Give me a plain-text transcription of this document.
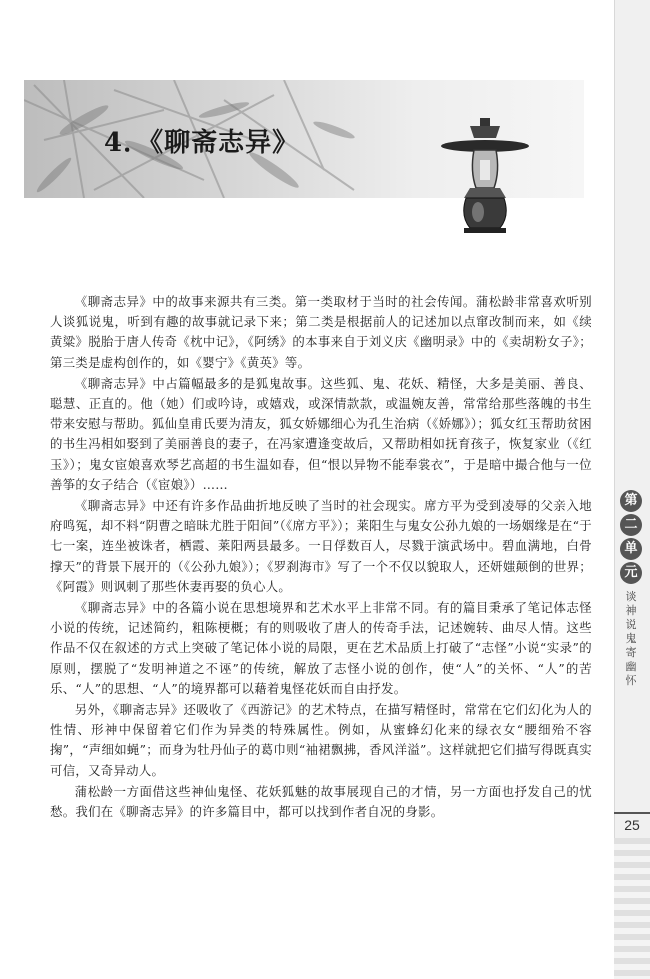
4．《聊斋志异》

《聊斋志异》中的故事来源共有三类。第一类取材于当时的社会传闻。蒲松龄非常喜欢听别人谈狐说鬼，听到有趣的故事就记录下来；第二类是根据前人的记述加以点窜改制而来，如《续黄粱》脱胎于唐人传奇《枕中记》，《阿绣》的本事来自于刘义庆《幽明录》中的《卖胡粉女子》；第三类是虚构创作的，如《婴宁》《黄英》等。

《聊斋志异》中占篇幅最多的是狐鬼故事。这些狐、鬼、花妖、精怪，大多是美丽、善良、聪慧、正直的。他（她）们或吟诗，或嬉戏，或深情款款，或温婉友善，常常给那些落魄的书生带来安慰与帮助。狐仙皇甫氏要为清友，狐女娇娜细心为孔生治病（《娇娜》）；狐女红玉帮助贫困的书生冯相如娶到了美丽善良的妻子，在冯家遭逢变故后，又帮助相如抚育孩子，恢复家业（《红玉》）；鬼女宦娘喜欢琴艺高超的书生温如春，但“恨以异物不能奉裳衣”，于是暗中撮合他与一位善筝的女子结合（《宦娘》）……

《聊斋志异》中还有许多作品曲折地反映了当时的社会现实。席方平为受到凌辱的父亲入地府鸣冤，却不料“阴曹之暗昧尤胜于阳间”（《席方平》）；莱阳生与鬼女公孙九娘的一场姻缘是在“于七一案，连坐被诛者，栖霞、莱阳两县最多。一日俘数百人，尽戮于演武场中。碧血满地，白骨撑天”的背景下展开的（《公孙九娘》）；《罗刹海市》写了一个不仅以貌取人，还妍媸颠倒的世界；《阿霞》则讽刺了那些休妻再娶的负心人。

《聊斋志异》中的各篇小说在思想境界和艺术水平上非常不同。有的篇目秉承了笔记体志怪小说的传统，记述简约，粗陈梗概；有的则吸收了唐人的传奇手法，记述婉转、曲尽人情。这些作品不仅在叙述的方式上突破了笔记体小说的局限，更在艺术品质上打破了“志怪”小说“实录”的原则，摆脱了“发明神道之不诬”的传统，解放了志怪小说的创作，使“人”的关怀、“人”的苦乐、“人”的思想、“人”的境界都可以藉着鬼怪花妖而自由抒发。

另外，《聊斋志异》还吸收了《西游记》的艺术特点，在描写精怪时，常常在它们幻化为人的性情、形神中保留着它们作为异类的特殊属性。例如，从蜜蜂幻化来的绿衣女“腰细殆不容掬”，“声细如蝇”；而身为牡丹仙子的葛巾则“袖裙飘拂，香风洋溢”。这样就把它们描写得既真实可信，又奇异动人。

蒲松龄一方面借这些神仙鬼怪、花妖狐魅的故事展现自己的才情，另一方面也抒发自己的忧愁。我们在《聊斋志异》的许多篇目中，都可以找到作者自况的身影。

第
二
单
元
谈
神
说
鬼
寄
幽
怀
25
